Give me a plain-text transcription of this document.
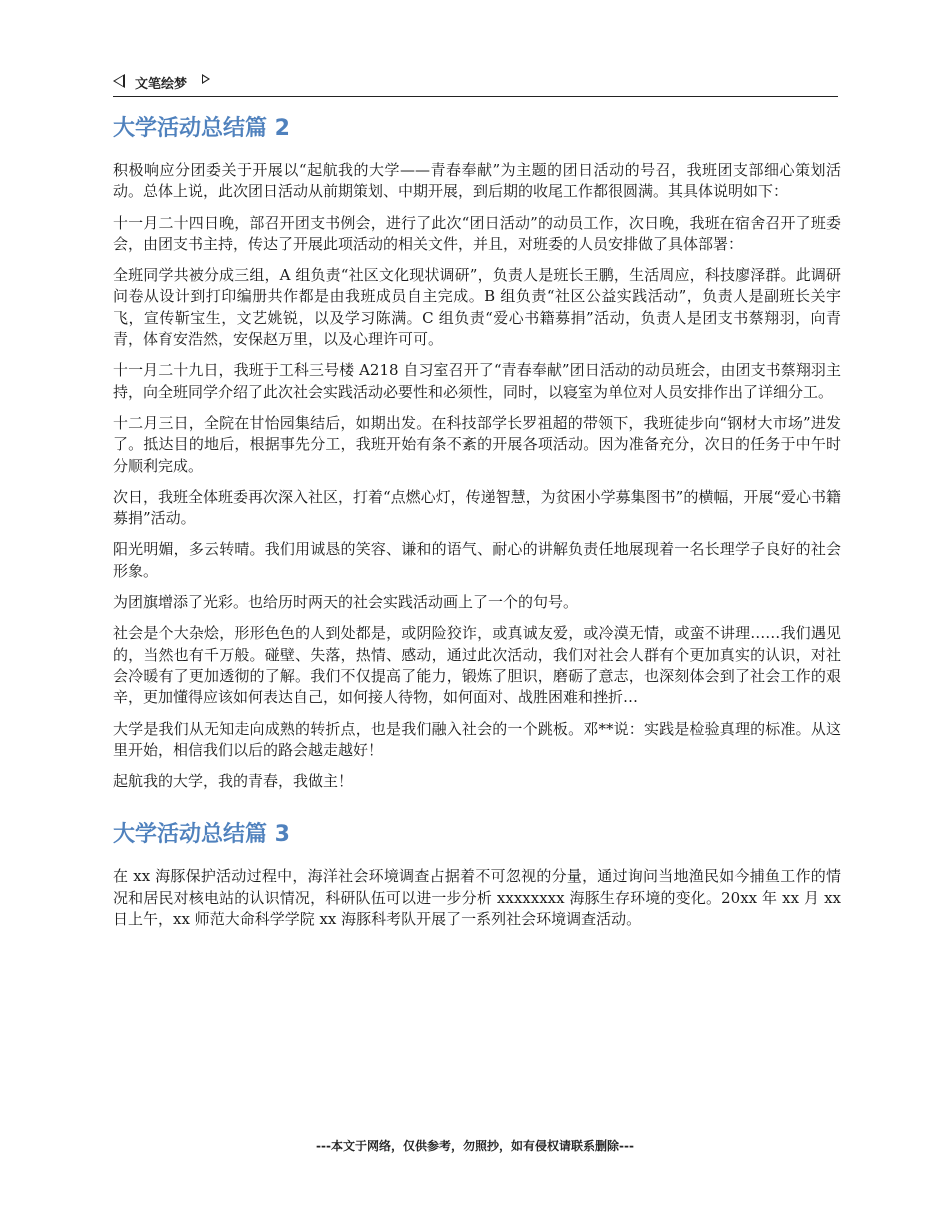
文笔绘梦
大学活动总结篇 2

积极响应分团委关于开展以“起航我的大学——青春奉献”为主题的团日活动的号召，我班团支部细心策划活动。总体上说，此次团日活动从前期策划、中期开展，到后期的收尾工作都很圆满。其具体说明如下：

十一月二十四日晚，部召开团支书例会，进行了此次“团日活动”的动员工作，次日晚，我班在宿舍召开了班委会，由团支书主持，传达了开展此项活动的相关文件，并且，对班委的人员安排做了具体部署：

全班同学共被分成三组，A 组负责“社区文化现状调研”，负责人是班长王鹏，生活周应，科技廖泽群。此调研问卷从设计到打印编册共作都是由我班成员自主完成。B 组负责“社区公益实践活动”，负责人是副班长关宇飞，宣传靳宝生，文艺姚锐，以及学习陈满。C 组负责“爱心书籍募捐”活动，负责人是团支书蔡翔羽，向青青，体育安浩然，安保赵万里，以及心理许可可。

十一月二十九日，我班于工科三号楼 A218 自习室召开了“青春奉献”团日活动的动员班会，由团支书蔡翔羽主持，向全班同学介绍了此次社会实践活动必要性和必须性，同时，以寝室为单位对人员安排作出了详细分工。

十二月三日，全院在甘怡园集结后，如期出发。在科技部学长罗祖超的带领下，我班徒步向“钢材大市场”进发了。抵达目的地后，根据事先分工，我班开始有条不紊的开展各项活动。因为准备充分，次日的任务于中午时分顺利完成。

次日，我班全体班委再次深入社区，打着“点燃心灯，传递智慧，为贫困小学募集图书”的横幅，开展“爱心书籍募捐”活动。

阳光明媚，多云转晴。我们用诚恳的笑容、谦和的语气、耐心的讲解负责任地展现着一名长理学子良好的社会形象。

为团旗增添了光彩。也给历时两天的社会实践活动画上了一个的句号。

社会是个大杂烩，形形色色的人到处都是，或阴险狡诈，或真诚友爱，或冷漠无情，或蛮不讲理……我们遇见的，当然也有千万般。碰壁、失落，热情、感动，通过此次活动，我们对社会人群有个更加真实的认识，对社会冷暖有了更加透彻的了解。我们不仅提高了能力，锻炼了胆识，磨砺了意志，也深刻体会到了社会工作的艰辛，更加懂得应该如何表达自己，如何接人待物，如何面对、战胜困难和挫折…

大学是我们从无知走向成熟的转折点，也是我们融入社会的一个跳板。邓**说：实践是检验真理的标准。从这里开始，相信我们以后的路会越走越好！

起航我的大学，我的青春，我做主！

大学活动总结篇 3

在 xx 海豚保护活动过程中，海洋社会环境调查占据着不可忽视的分量，通过询问当地渔民如今捕鱼工作的情况和居民对核电站的认识情况，科研队伍可以进一步分析 xxxxxxxx 海豚生存环境的变化。20xx 年 xx 月 xx 日上午，xx 师范大命科学学院 xx 海豚科考队开展了一系列社会环境调查活动。

---本文于网络，仅供参考，勿照抄，如有侵权请联系删除---
